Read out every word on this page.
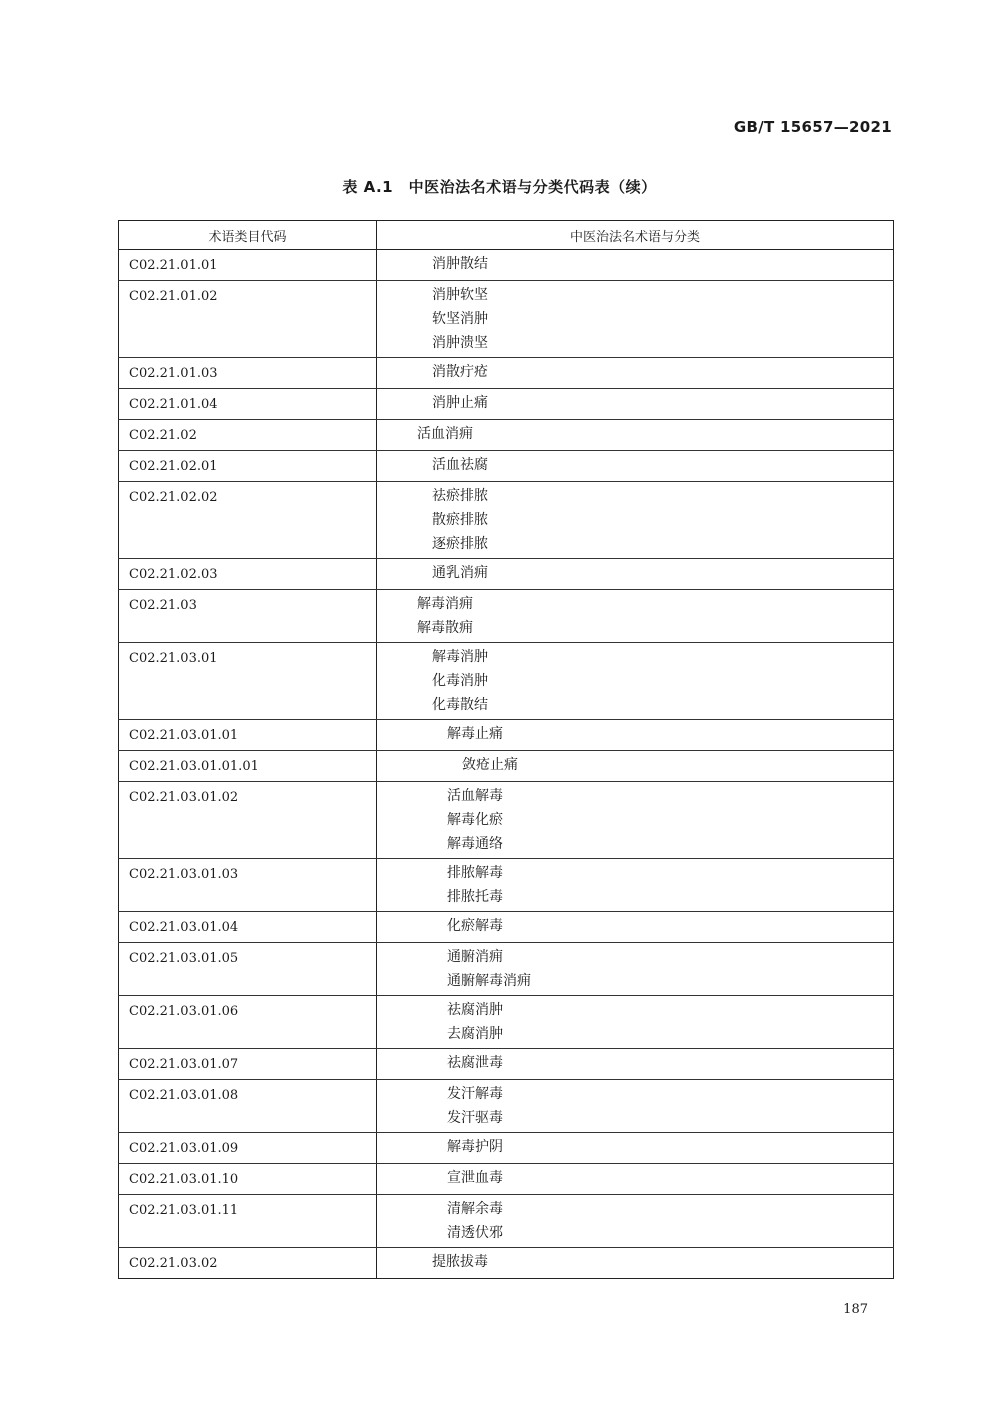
GB/T 15657—2021
表 A.1　中医治法名术语与分类代码表（续）
术语类目代码	中医治法名术语与分类
C02.21.01.01	消肿散结

C02.21.01.02	消肿软坚
软坚消肿
消肿溃坚

C02.21.01.03	消散疔疮

C02.21.01.04	消肿止痛

C02.21.02	活血消痈

C02.21.02.01	活血祛腐

C02.21.02.02	祛瘀排脓
散瘀排脓
逐瘀排脓

C02.21.02.03	通乳消痈

C02.21.03	解毒消痈
解毒散痈

C02.21.03.01	解毒消肿
化毒消肿
化毒散结

C02.21.03.01.01	解毒止痛

C02.21.03.01.01.01	敛疮止痛

C02.21.03.01.02	活血解毒
解毒化瘀
解毒通络

C02.21.03.01.03	排脓解毒
排脓托毒

C02.21.03.01.04	化瘀解毒

C02.21.03.01.05	通腑消痈
通腑解毒消痈

C02.21.03.01.06	祛腐消肿
去腐消肿

C02.21.03.01.07	祛腐泄毒

C02.21.03.01.08	发汗解毒
发汗驱毒

C02.21.03.01.09	解毒护阴

C02.21.03.01.10	宣泄血毒

C02.21.03.01.11	清解余毒
清透伏邪

C02.21.03.02	提脓拔毒
187
